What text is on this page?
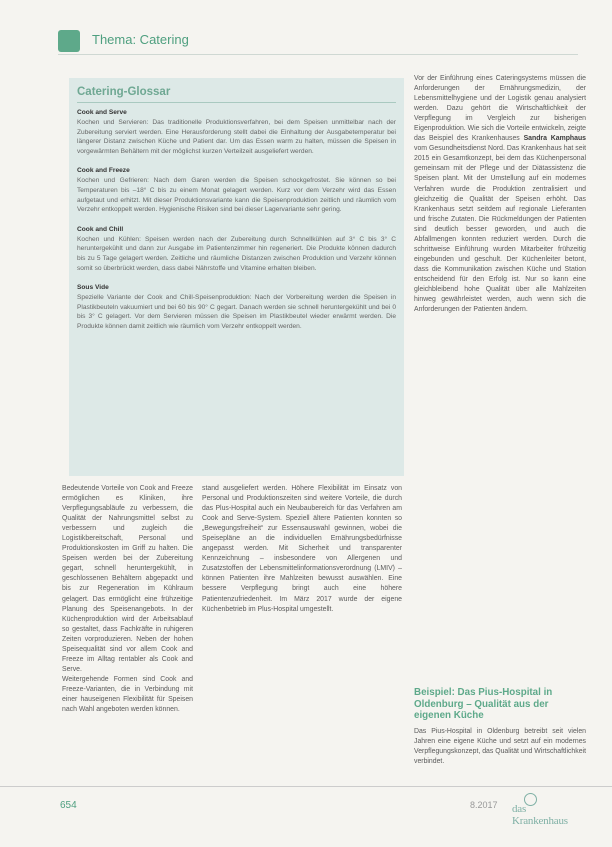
Thema: Catering
Catering-Glossar
Cook and Serve
Kochen und Servieren: Das traditionelle Produktionsverfahren, bei dem Speisen unmittelbar nach der Zubereitung serviert werden. Eine Herausforderung stellt dabei die Einhaltung der Ausgabetemperatur bei längerer Distanz zwischen Küche und Patient dar. Um das Essen warm zu halten, müssen die Speisen in vorgewärmten Behältern mit der möglichst kurzen Verteilzeit ausgeliefert werden.
Cook and Freeze
Kochen und Gefrieren: Nach dem Garen werden die Speisen schockgefrostet. Sie können so bei Temperaturen bis –18° C bis zu einem Monat gelagert werden. Kurz vor dem Verzehr wird das Essen aufgetaut und erhitzt. Mit dieser Produktionsvariante kann die Speisenproduktion zeitlich und räumlich vom Verzehr entkoppelt werden. Hygienische Risiken sind bei dieser Lagervariante sehr gering.
Cook and Chill
Kochen und Kühlen: Speisen werden nach der Zubereitung durch Schnellkühlen auf 3° C bis 3° C heruntergekühlt und dann zur Ausgabe im Patientenzimmer hin regeneriert. Die Produkte können dadurch bis zu 5 Tage gelagert werden. Zeitliche und räumliche Distanzen zwischen Produktion und Verzehr können somit so überbrückt werden, dass dabei Nährstoffe und Vitamine erhalten bleiben.
Sous Vide
Spezielle Variante der Cook and Chill-Speisenproduktion: Nach der Vorbereitung werden die Speisen in Plastikbeuteln vakuumiert und bei 60 bis 90° C gegart. Danach werden sie schnell heruntergekühlt und bei 0 bis 3° C gelagert. Vor dem Servieren müssen die Speisen im Plastikbeutel wieder erwärmt werden. Die Produkte können damit zeitlich wie räumlich vom Verzehr entkoppelt werden.

Bedeutende Vorteile von Cook and Freeze ermöglichen es Kliniken, ihre Verpflegungsabläufe zu verbessern, die Qualität der Nahrungsmittel selbst zu verbessern und zugleich die Logistikbereitschaft, Personal und Produktionskosten im Griff zu halten. Die Speisen werden bei der Zubereitung gegart, schnell heruntergekühlt, in geschlossenen Behältern abgepackt und bis zur Regeneration im Kühlraum gelagert. Das ermöglicht eine frühzeitige Planung des Speisenangebots. In der Küchenproduktion wird der Arbeitsablauf so gestaltet, dass Fachkräfte in ruhigeren Zeiten vorproduzieren. Neben der hohen Speisequalität sind vor allem Cook and Freeze im Alltag rentabler als Cook and Serve.

Weitergehende Formen sind Cook and Freeze-Varianten, die in Verbindung mit einer hauseigenen Flexibilität für Speisen nach Wahl angeboten werden können.

stand ausgeliefert werden. Höhere Flexibilität im Einsatz von Personal und Produktionszeiten sind weitere Vorteile, die durch das Plus-Hospital auch ein Neubaubereich für das Verfahren am Cook and Serve-System. Speziell ältere Patienten konnten so „Bewegungsfreiheit“ zur Essensauswahl gewinnen, wobei die Speisepläne an die individuellen Ernährungsbedürfnisse angepasst werden. Mit Sicherheit und transparenter Kennzeichnung – insbesondere von Allergenen und Zusatzstoffen der Lebensmittelinformationsverordnung (LMIV) – können Patienten ihre Mahlzeiten bewusst auswählen. Eine bessere Verpflegung bringt auch eine höhere Patientenzufriedenheit. Im März 2017 wurde der eigene Küchenbetrieb im Plus-Hospital umgestellt.

Vor der Einführung eines Cateringsystems müssen die Anforderungen der Ernährungsmedizin, der Lebensmittelhygiene und der Logistik genau analysiert werden. Dazu gehört die Wirtschaftlichkeit der Verpflegung im Vergleich zur bisherigen Eigenproduktion. Wie sich die Vorteile entwickeln, zeigte das Beispiel des Krankenhauses Sandra Kamphaus vom Gesundheitsdienst Nord. Das Krankenhaus hat seit 2015 ein Gesamtkonzept, bei dem das Küchenpersonal gemeinsam mit der Pflege und der Diätassistenz die Speisen plant. Mit der Umstellung auf ein modernes Verfahren wurde die Produktion zentralisiert und gleichzeitig die Qualität der Speisen erhöht. Das Krankenhaus setzt seitdem auf regionale Lieferanten und frische Zutaten. Die Rückmeldungen der Patienten sind deutlich besser geworden, und auch die Abfallmengen konnten reduziert werden. Durch die schrittweise Einführung wurden Mitarbeiter frühzeitig eingebunden und geschult. Der Küchenleiter betont, dass die Kommunikation zwischen Küche und Station entscheidend für den Erfolg ist. Nur so kann eine gleichbleibend hohe Qualität über alle Mahlzeiten hinweg gewährleistet werden, auch wenn sich die Anforderungen der Patienten ändern.

Beispiel: Das Pius-Hospital in Oldenburg – Qualität aus der eigenen Küche
Das Pius-Hospital in Oldenburg betreibt seit vielen Jahren eine eigene Küche und setzt auf ein modernes Verpflegungskonzept, das Qualität und Wirtschaftlichkeit verbindet.
654	8.2017 das Krankenhaus
